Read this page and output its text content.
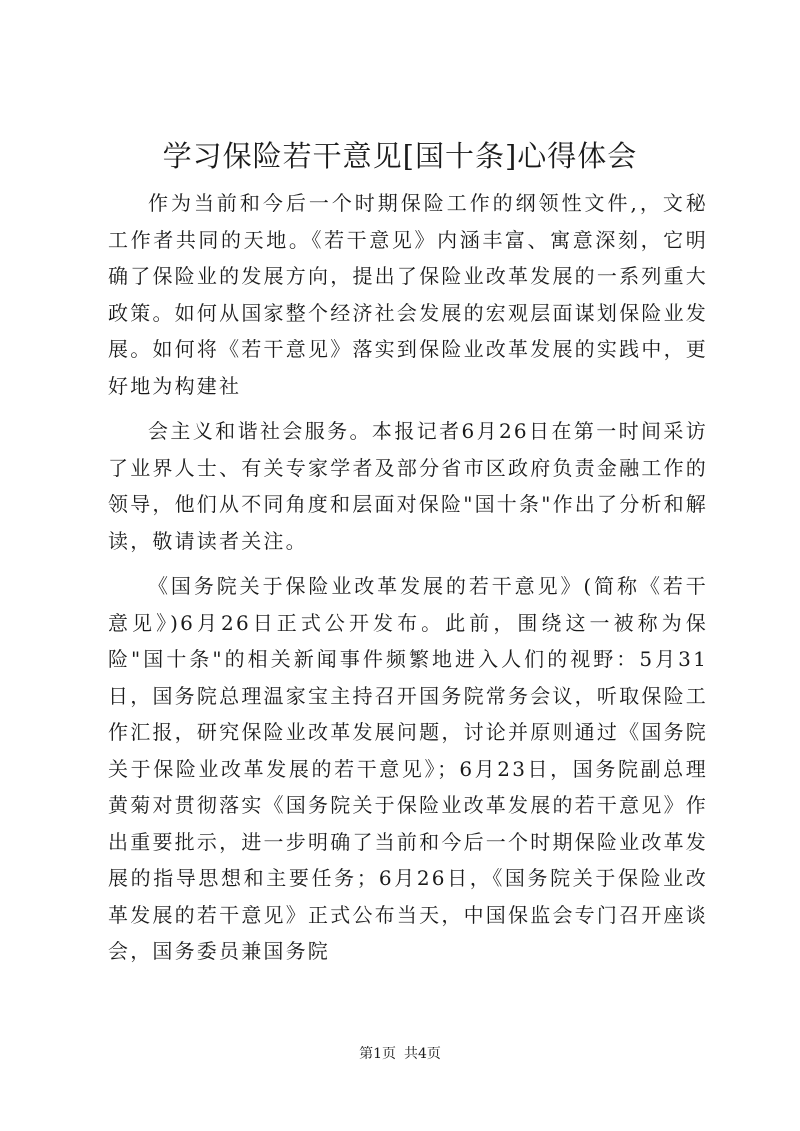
学习保险若干意见[国十条]心得体会

作为当前和今后一个时期保险工作的纲领性文件,，文秘工作者共同的天地。《若干意见》内涵丰富、寓意深刻，它明确了保险业的发展方向，提出了保险业改革发展的一系列重大政策。如何从国家整个经济社会发展的宏观层面谋划保险业发展。如何将《若干意见》落实到保险业改革发展的实践中，更好地为构建社

会主义和谐社会服务。本报记者6月26日在第一时间采访了业界人士、有关专家学者及部分省市区政府负责金融工作的领导，他们从不同角度和层面对保险"国十条"作出了分析和解读，敬请读者关注。

《国务院关于保险业改革发展的若干意见》(简称《若干意见》)6月26日正式公开发布。此前，围绕这一被称为保险"国十条"的相关新闻事件频繁地进入人们的视野：5月31日，国务院总理温家宝主持召开国务院常务会议，听取保险工作汇报，研究保险业改革发展问题，讨论并原则通过《国务院关于保险业改革发展的若干意见》；6月23日，国务院副总理黄菊对贯彻落实《国务院关于保险业改革发展的若干意见》作出重要批示，进一步明确了当前和今后一个时期保险业改革发展的指导思想和主要任务；6月26日，《国务院关于保险业改革发展的若干意见》正式公布当天，中国保监会专门召开座谈会，国务委员兼国务院

第1页 共4页
